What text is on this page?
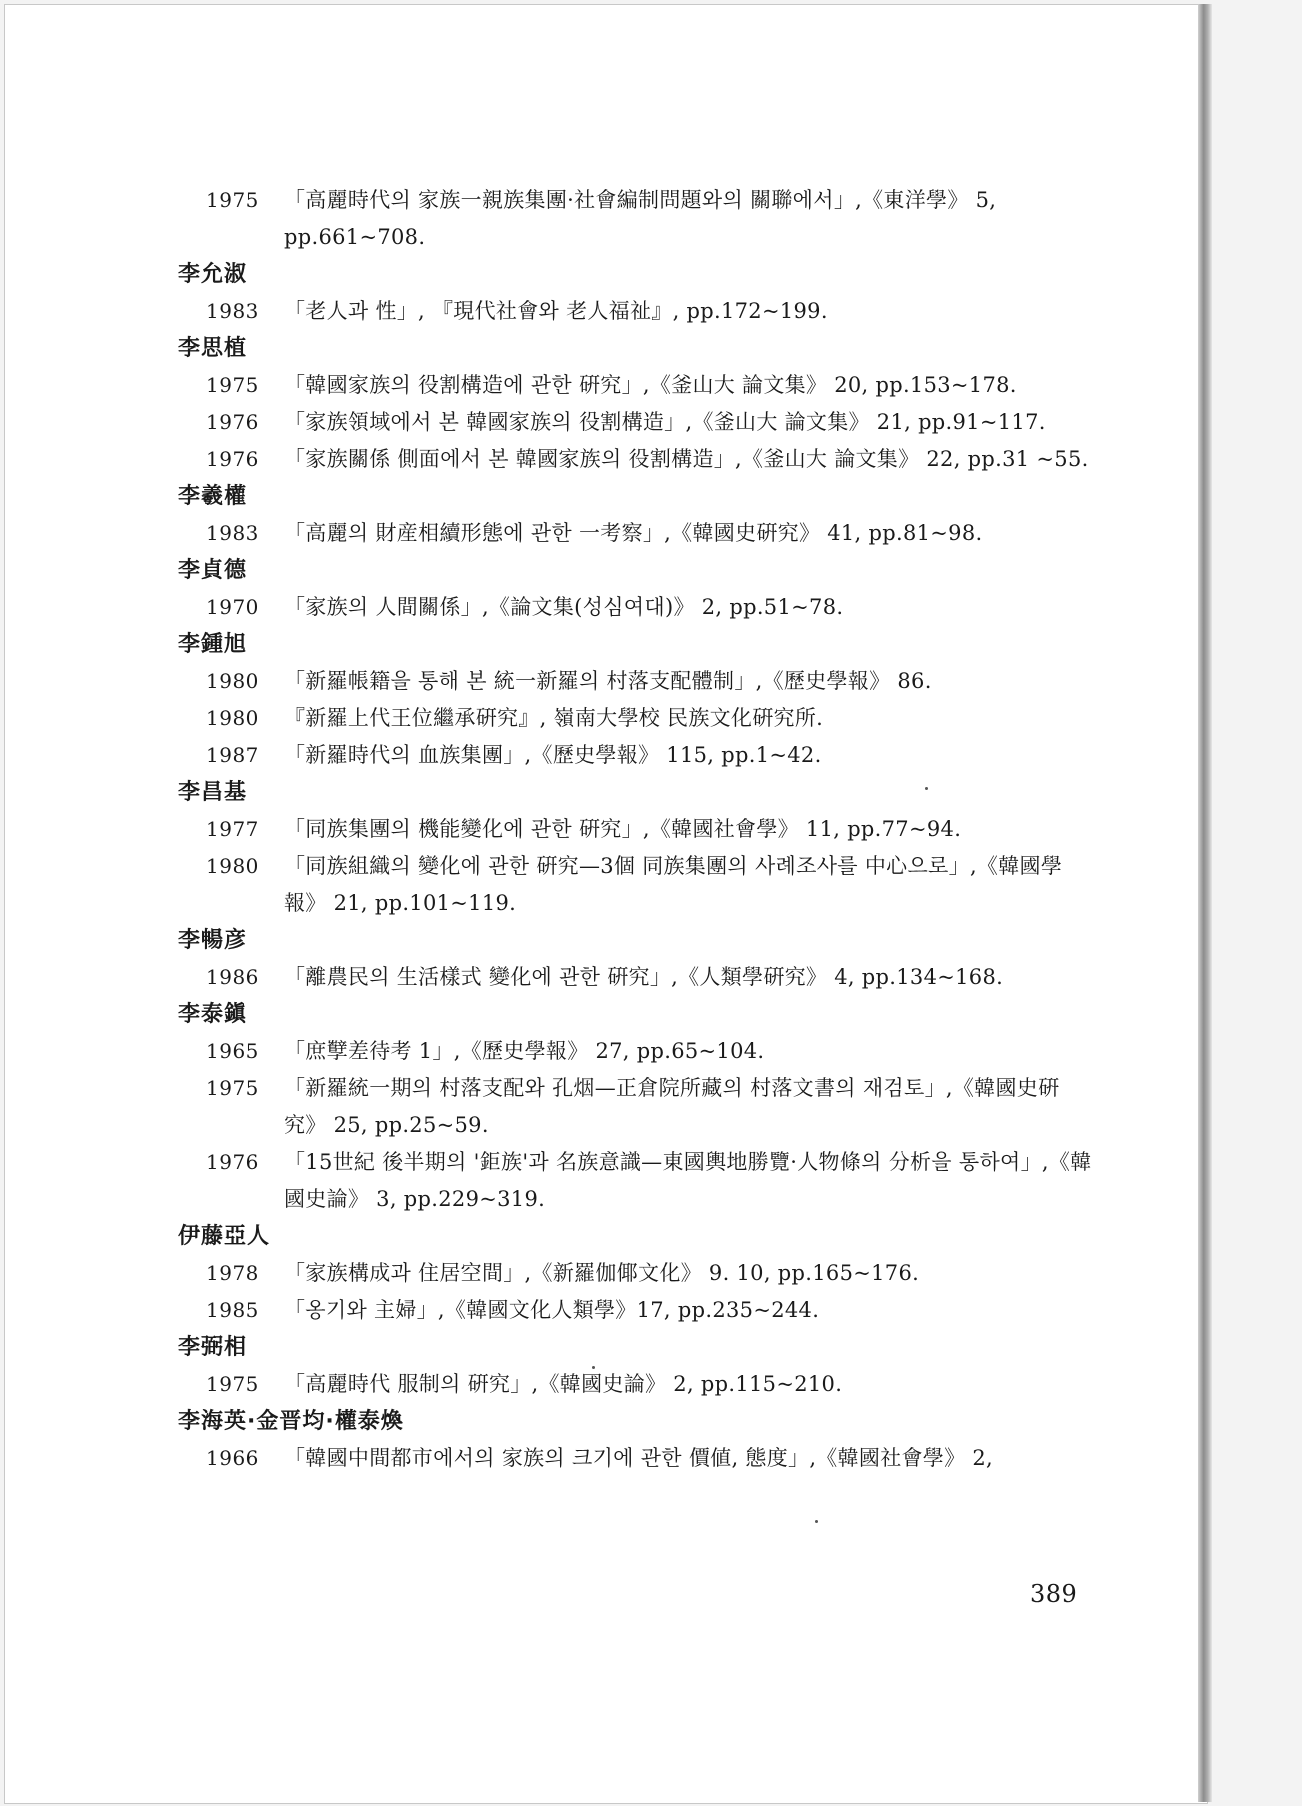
1975	「高麗時代의 家族一親族集團·社會編制問題와의 關聯에서」,《東洋學》 5, pp.661~708.
李允淑
1983	「老人과 性」, 『現代社會와 老人福祉』, pp.172~199.
李思植
1975	「韓國家族의 役割構造에 관한 硏究」,《釜山大 論文集》 20, pp.153~178.
1976	「家族領域에서 본 韓國家族의 役割構造」,《釜山大 論文集》 21, pp.91~117.
1976	「家族關係 側面에서 본 韓國家族의 役割構造」,《釜山大 論文集》 22, pp.31 ~55.
李羲權
1983	「高麗의 財産相續形態에 관한 一考察」,《韓國史硏究》 41, pp.81~98.
李貞德
1970	「家族의 人間關係」,《論文集(성심여대)》 2, pp.51~78.
李鍾旭
1980	「新羅帳籍을 통해 본 統一新羅의 村落支配體制」,《歷史學報》 86.
1980	『新羅上代王位繼承硏究』, 嶺南大學校 民族文化硏究所.
1987	「新羅時代의 血族集團」,《歷史學報》 115, pp.1~42.
李昌基
1977	「同族集團의 機能變化에 관한 硏究」,《韓國社會學》 11, pp.77~94.
1980	「同族組織의 變化에 관한 硏究—3個 同族集團의 사례조사를 中心으로」,《韓國學報》 21, pp.101~119.
李暢彦
1986	「離農民의 生活樣式 變化에 관한 硏究」,《人類學硏究》 4, pp.134~168.
李泰鎭
1965	「庶孼差待考 1」,《歷史學報》 27, pp.65~104.
1975	「新羅統一期의 村落支配와 孔烟—正倉院所藏의 村落文書의 재검토」,《韓國史硏究》 25, pp.25~59.
1976	「15世紀 後半期의 '鉅族'과 名族意識—東國輿地勝覽·人物條의 分析을 통하여」,《韓國史論》 3, pp.229~319.
伊藤亞人
1978	「家族構成과 住居空間」,《新羅伽倻文化》 9. 10, pp.165~176.
1985	「옹기와 主婦」,《韓國文化人類學》17, pp.235~244.
李弼相
1975	「高麗時代 服制의 硏究」,《韓國史論》 2, pp.115~210.
李海英·金晋均·權泰煥
1966	「韓國中間都市에서의 家族의 크기에 관한 價値, 態度」,《韓國社會學》 2,
389
